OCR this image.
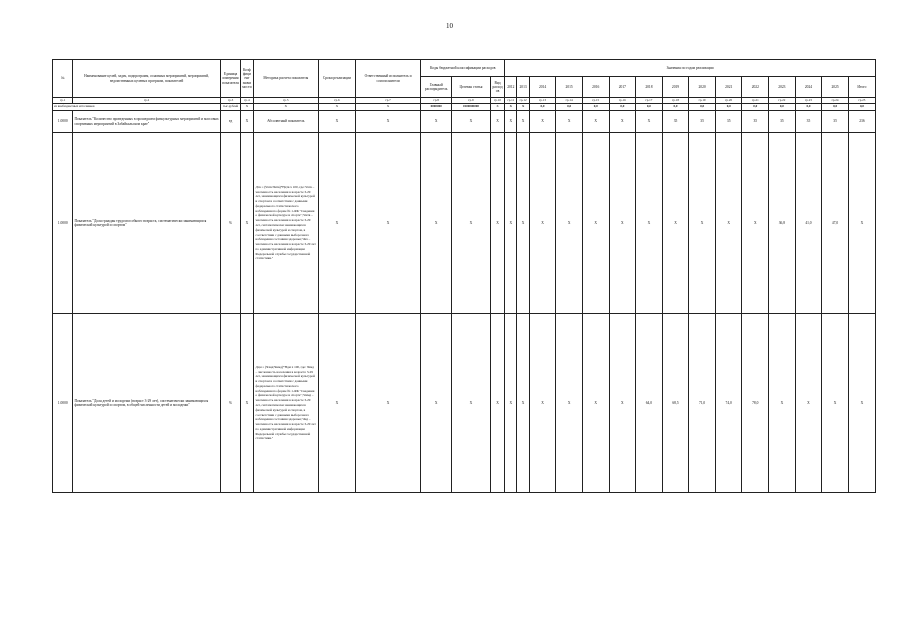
10
№	Наименование целей, задач, подпрограмм, основных мероприятий, мероприятий, ведомственных целевых программ, показателей	Единица измерения показателя	Коэффициент значимости	Методика расчета показателя	Сроки реализации	Ответственный исполнитель и соисполнители	Коды бюджетной классификации расходов			Значения по годам реализации														
							Главный распорядитель	Целевая статья	Вид расходов	2012	2013	2014	2015	2016	2017	2018	2019	2020	2021	2022	2023	2024	2025	Итого
гр.1	гр.2	гр.3	гр.4	гр.5	гр.6	гр.7	гр.8	гр.9	гр.10	гр.11	гр.12	гр.13	гр.14	гр.15	гр.16	гр.17	гр.18	гр.19	гр.20	гр.21	гр.22	гр.23	гр.24	гр.25
из внебюджетных источников		тыс.рублей	X	X	X	X	0000000	0100000000	X	X	X	0,0	0,0	0,0	0,0	0,0	0,0	0,0	0,0	0,0	0,0	0,0	0,0	0,0
1.0000	Показатель "Количество проведенных в прошедшем физкультурных мероприятий и массовых спортивных мероприятий в Забайкальском крае"	ед	X	Абсолютный показатель	X	X	X	X	X	X	X	X	X	X	X	X	35	35	35	35	35	35	35	236
1.0000	Показатель "Доля граждан трудоспособного возраста, систематически занимающихся физической культурой и спортом"	%	X	Дтв = (Чзтв/Чнтв)*Ндтв х 100, где: Чзтв – численность населения в возрасте 3-29 лет, занимающихся физической культурой и спортом в соответствии с данными федерального статистического наблюдения по форме № 1-ФК "Сведения о физической культуре и спорте"; Чнтв – численность населения в возрасте 3-29 лет, систематически занимающихся физической культурой и спортом, в соответствии с данными выборочного наблюдения состояния здоровья; Чнз – численность населения в возрасте 3-29 лет по административной информации Федеральной службы государственной статистики."	X	X	X	X	X	X	X	X	X	X	X	X	X	X	X	X	36,8	41,0	47,0	X
1.0000	Показатель "Доля детей и молодежи (возраст 3-29 лет), систематически занимающихся физической культурой и спортом, в общей численности детей и молодежи"	%	X	Ддм = (Чзмд/Чнмд)*Ндм х 100, где: Чзмд – численность населения в возрасте 3-29 лет, занимающихся физической культурой и спортом в соответствии с данными федерального статистического наблюдения по форме № 1-ФК "Сведения о физической культуре и спорте"; Чнмд – численность населения в возрасте 3-29 лет, систематически занимающихся физической культурой и спортом, в соответствии с данными выборочного наблюдения состояния здоровья; Чнд – численность населения в возрасте 3-29 лет по административной информации Федеральной службы государственной статистики."	X	X	X	X	X	X	X	X	X	X	X	64,0	68,5	71,0	74,0	78,0	X	X	X	X
